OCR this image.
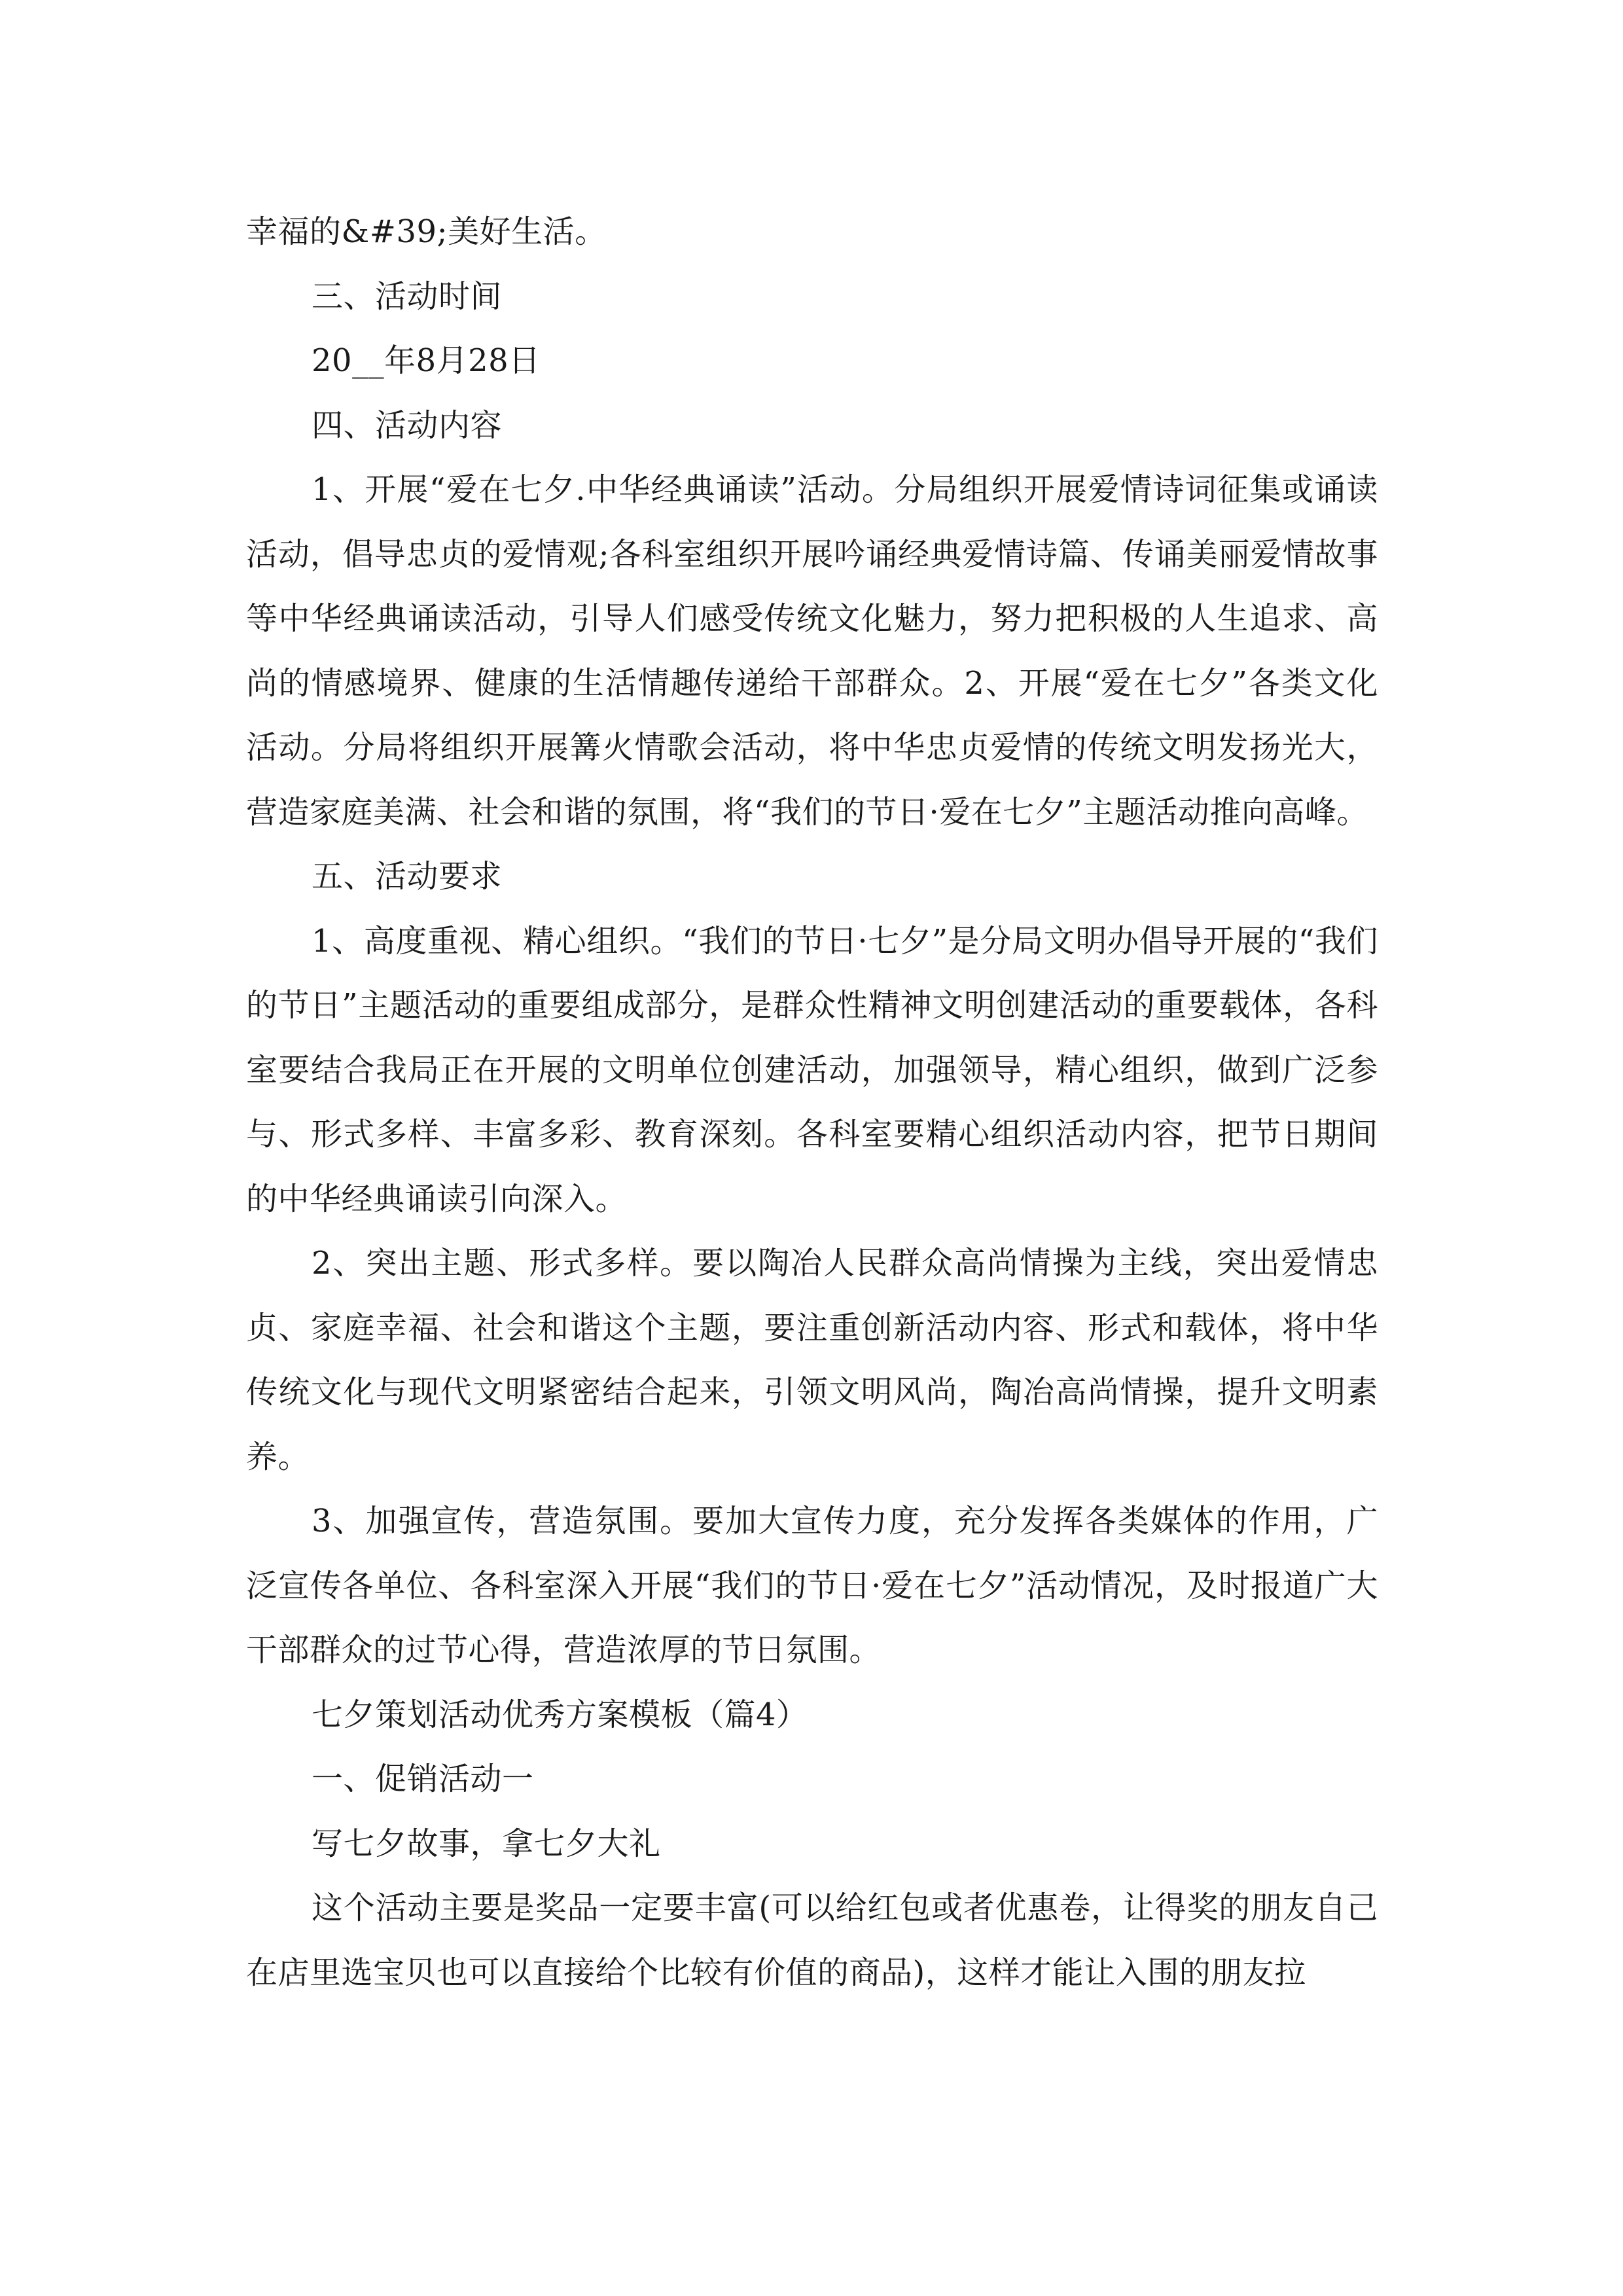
幸福的&#39;美好生活。

三、活动时间

20__年8月28日

四、活动内容

1、开展“爱在七夕.中华经典诵读”活动。分局组织开展爱情诗词征集或诵读活动，倡导忠贞的爱情观;各科室组织开展吟诵经典爱情诗篇、传诵美丽爱情故事等中华经典诵读活动，引导人们感受传统文化魅力，努力把积极的人生追求、高尚的情感境界、健康的生活情趣传递给干部群众。2、开展“爱在七夕”各类文化活动。分局将组织开展篝火情歌会活动，将中华忠贞爱情的传统文明发扬光大，营造家庭美满、社会和谐的氛围，将“我们的节日·爱在七夕”主题活动推向高峰。

五、活动要求

1、高度重视、精心组织。“我们的节日·七夕”是分局文明办倡导开展的“我们的节日”主题活动的重要组成部分，是群众性精神文明创建活动的重要载体，各科室要结合我局正在开展的文明单位创建活动，加强领导，精心组织，做到广泛参与、形式多样、丰富多彩、教育深刻。各科室要精心组织活动内容，把节日期间的中华经典诵读引向深入。

2、突出主题、形式多样。要以陶冶人民群众高尚情操为主线，突出爱情忠贞、家庭幸福、社会和谐这个主题，要注重创新活动内容、形式和载体，将中华传统文化与现代文明紧密结合起来，引领文明风尚，陶冶高尚情操，提升文明素养。

3、加强宣传，营造氛围。要加大宣传力度，充分发挥各类媒体的作用，广泛宣传各单位、各科室深入开展“我们的节日·爱在七夕”活动情况，及时报道广大干部群众的过节心得，营造浓厚的节日氛围。

七夕策划活动优秀方案模板（篇4）

一、促销活动一

写七夕故事，拿七夕大礼

这个活动主要是奖品一定要丰富(可以给红包或者优惠卷，让得奖的朋友自己在店里选宝贝也可以直接给个比较有价值的商品)，这样才能让入围的朋友拉
